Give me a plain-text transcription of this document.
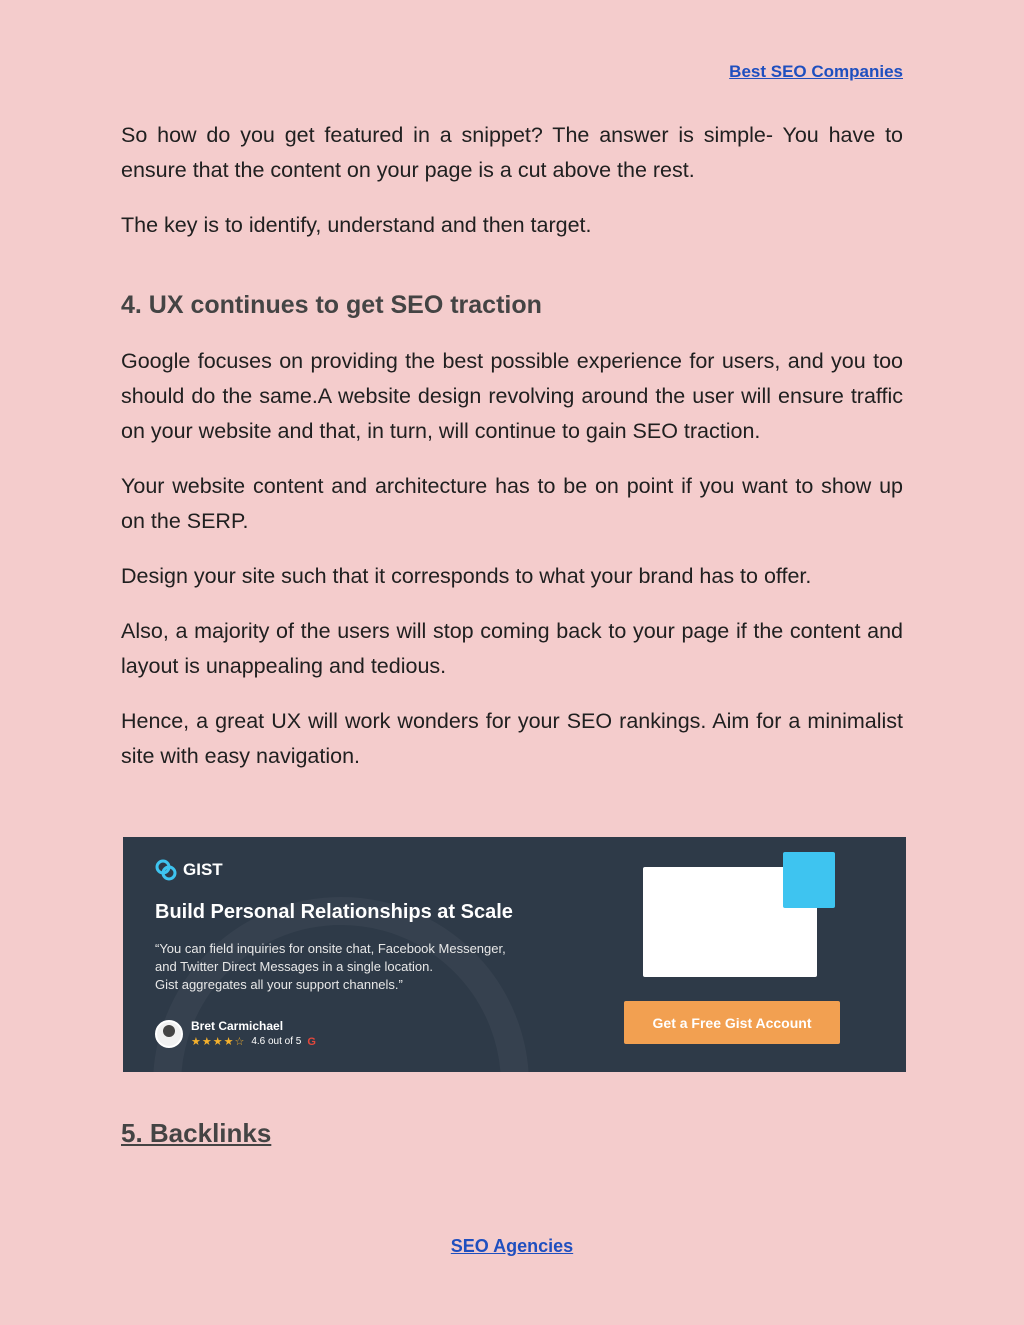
Best SEO Companies

So how do you get featured in a snippet? The answer is simple- You have to ensure that the content on your page is a cut above the rest.

The key is to identify, understand and then target.

4. UX continues to get SEO traction

Google focuses on providing the best possible experience for users, and you too should do the same.A website design revolving around the user will ensure traffic on your website and that, in turn, will continue to gain SEO traction.

Your website content and architecture has to be on point if you want to show up on the SERP.

Design your site such that it corresponds to what your brand has to offer.

Also, a majority of the users will stop coming back to your page if the content and layout is unappealing and tedious.

Hence, a great UX will work wonders for your SEO rankings. Aim for a minimalist site with easy navigation.

GIST
Build Personal Relationships at Scale
“You can field inquiries for onsite chat, Facebook Messenger,
and Twitter Direct Messages in a single location.
Gist aggregates all your support channels.”
Bret Carmichael
★★★★☆ 4.6 out of 5 G
Get a Free Gist Account
5. Backlinks
SEO Agencies
